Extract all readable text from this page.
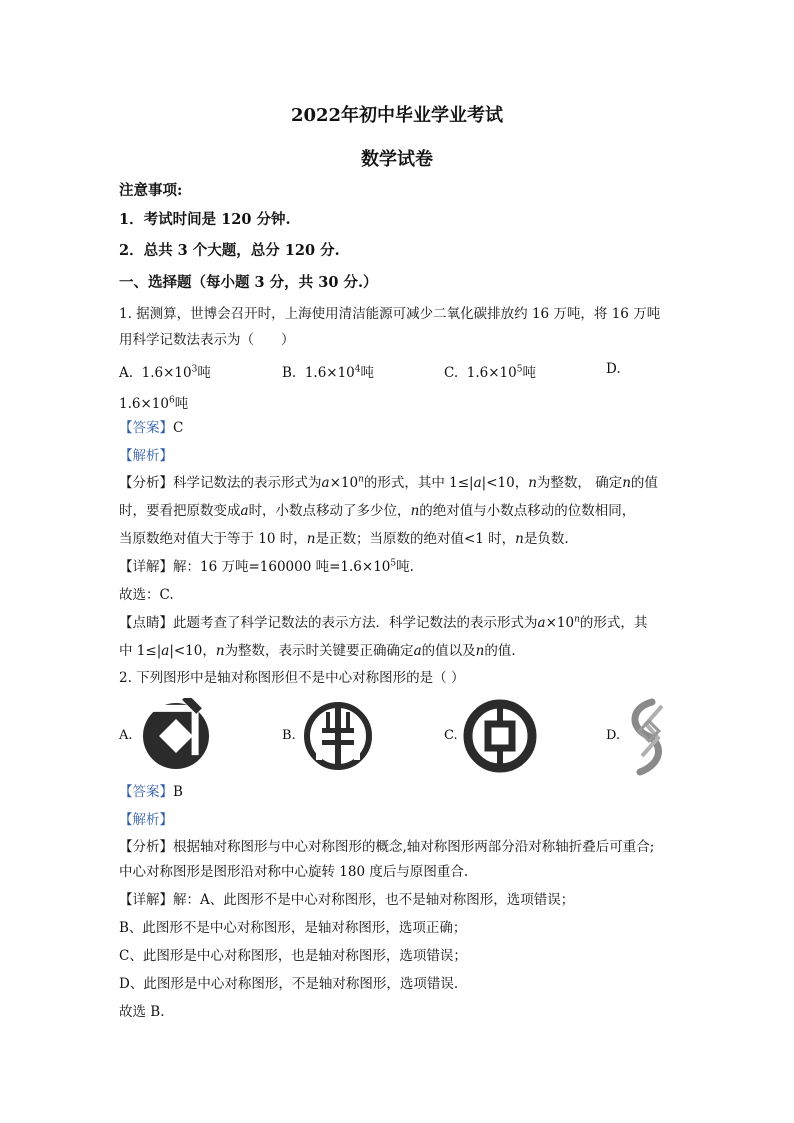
2022年初中毕业学业考试
数学试卷
注意事项:
1．考试时间是 120 分钟.
2．总共 3 个大题，总分 120 分.
一、选择题（每小题 3 分，共 30 分.）
1. 据测算，世博会召开时，上海使用清洁能源可减少二氧化碳排放约 16 万吨，将 16 万吨
用科学记数法表示为（　　）
A. $1.6\times 10^3$吨	B. $1.6\times 10^4$吨	C. $1.6\times 10^5$吨	D.
$1.6\times 10^6$吨
【答案】C
【解析】
【分析】科学记数法的表示形式为$a\times 10^n$的形式，其中 1≤|a|<10，n为整数， 确定n的值
时，要看把原数变成a时，小数点移动了多少位，n的绝对值与小数点移动的位数相同，
当原数绝对值大于等于 10 时，n是正数；当原数的绝对值<1 时，n是负数.
【详解】解：16 万吨=160000 吨$=1.6\times 10^5$吨.
故选：C.
【点睛】此题考查了科学记数法的表示方法．科学记数法的表示形式为$a\times 10^n$的形式，其
中 1≤|a|<10，n为整数，表示时关键要正确确定a的值以及n的值.
2. 下列图形中是轴对称图形但不是中心对称图形的是（ ）
A.	B.	C.	D.
【答案】B
【解析】
【分析】根据轴对称图形与中心对称图形的概念,轴对称图形两部分沿对称轴折叠后可重合;
中心对称图形是图形沿对称中心旋转 180 度后与原图重合.
【详解】解：A、此图形不是中心对称图形，也不是轴对称图形，选项错误；
B、此图形不是中心对称图形，是轴对称图形，选项正确；
C、此图形是中心对称图形，也是轴对称图形，选项错误；
D、此图形是中心对称图形，不是轴对称图形，选项错误.
故选 B.
